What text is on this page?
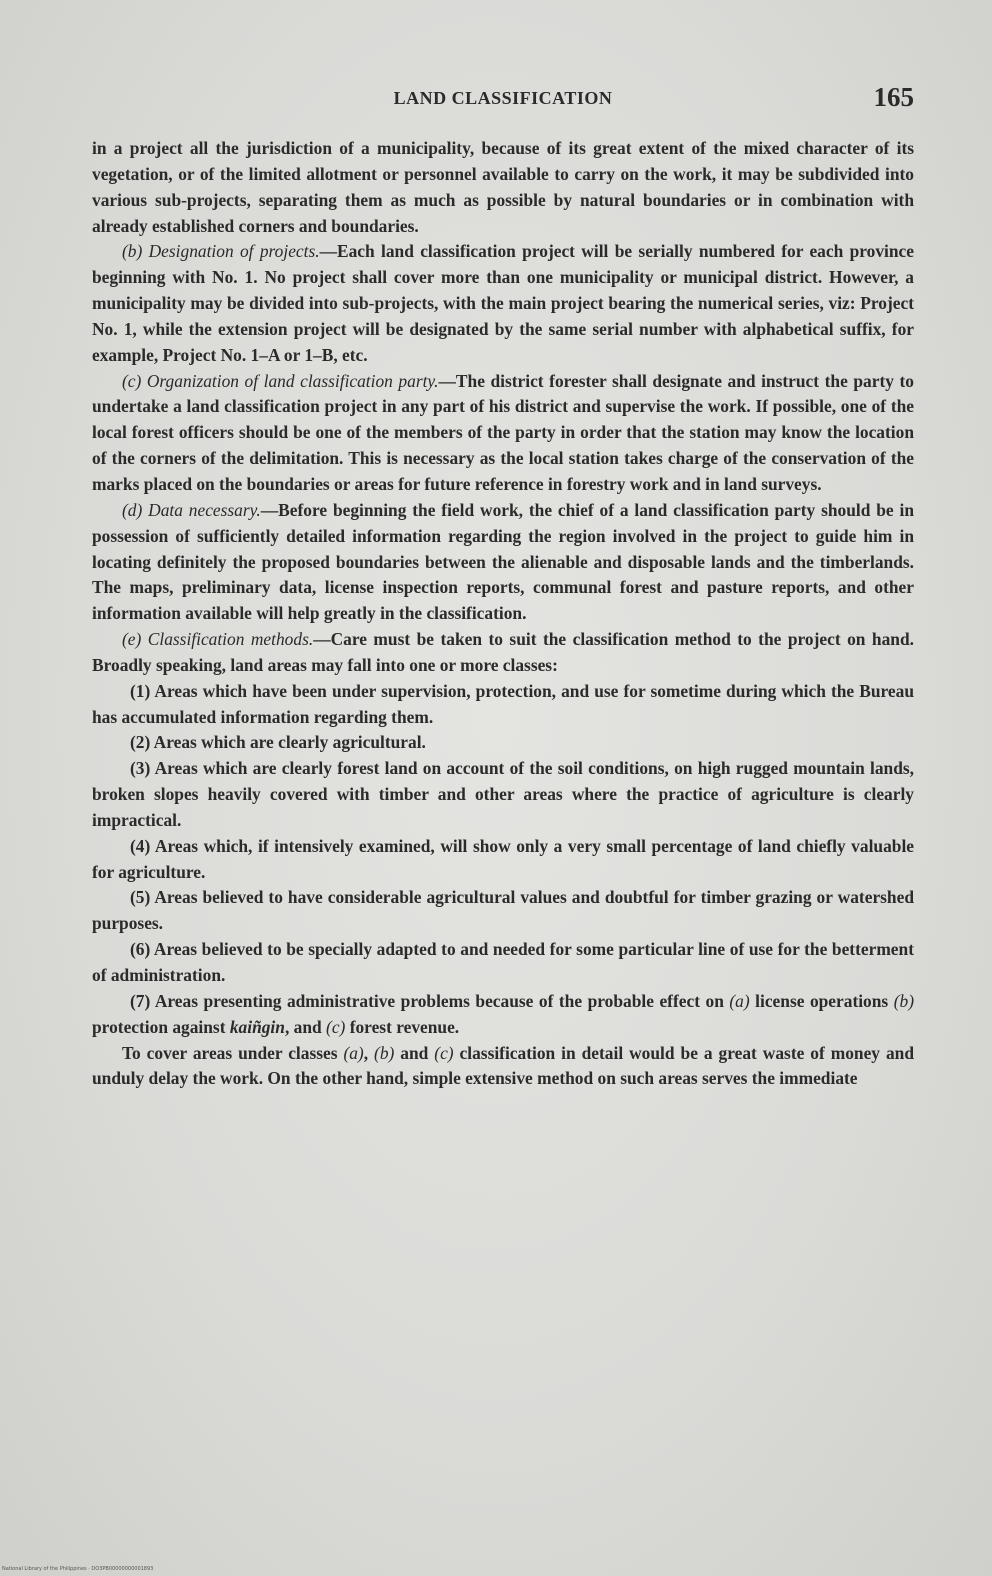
LAND CLASSIFICATION	165

in a project all the jurisdiction of a municipality, because of its great extent of the mixed character of its vegetation, or of the limited allotment or personnel available to carry on the work, it may be subdivided into various sub-projects, separating them as much as possible by natural boundaries or in combination with already established corners and boundaries.

(b) Designation of projects.—Each land classification project will be serially numbered for each province beginning with No. 1. No project shall cover more than one municipality or municipal district. However, a municipality may be divided into sub-projects, with the main project bearing the numerical series, viz: Project No. 1, while the extension project will be designated by the same serial number with alphabetical suffix, for example, Project No. 1–A or 1–B, etc.

(c) Organization of land classification party.—The district forester shall designate and instruct the party to undertake a land classification project in any part of his district and supervise the work. If possible, one of the local forest officers should be one of the members of the party in order that the station may know the location of the corners of the delimitation. This is necessary as the local station takes charge of the conservation of the marks placed on the boundaries or areas for future reference in forestry work and in land surveys.

(d) Data necessary.—Before beginning the field work, the chief of a land classification party should be in possession of sufficiently detailed information regarding the region involved in the project to guide him in locating definitely the proposed boundaries between the alienable and disposable lands and the timberlands. The maps, preliminary data, license inspection reports, communal forest and pasture reports, and other information available will help greatly in the classification.

(e) Classification methods.—Care must be taken to suit the classification method to the project on hand. Broadly speaking, land areas may fall into one or more classes:

(1) Areas which have been under supervision, protection, and use for sometime during which the Bureau has accumulated information regarding them.

(2) Areas which are clearly agricultural.

(3) Areas which are clearly forest land on account of the soil conditions, on high rugged mountain lands, broken slopes heavily covered with timber and other areas where the practice of agriculture is clearly impractical.

(4) Areas which, if intensively examined, will show only a very small percentage of land chiefly valuable for agriculture.

(5) Areas believed to have considerable agricultural values and doubtful for timber grazing or watershed purposes.

(6) Areas believed to be specially adapted to and needed for some particular line of use for the betterment of administration.

(7) Areas presenting administrative problems because of the probable effect on (a) license operations (b) protection against kaiñgin, and (c) forest revenue.

To cover areas under classes (a), (b) and (c) classification in detail would be a great waste of money and unduly delay the work. On the other hand, simple extensive method on such areas serves the immediate

National Library of the Philippines · DO3PB00000000001893
